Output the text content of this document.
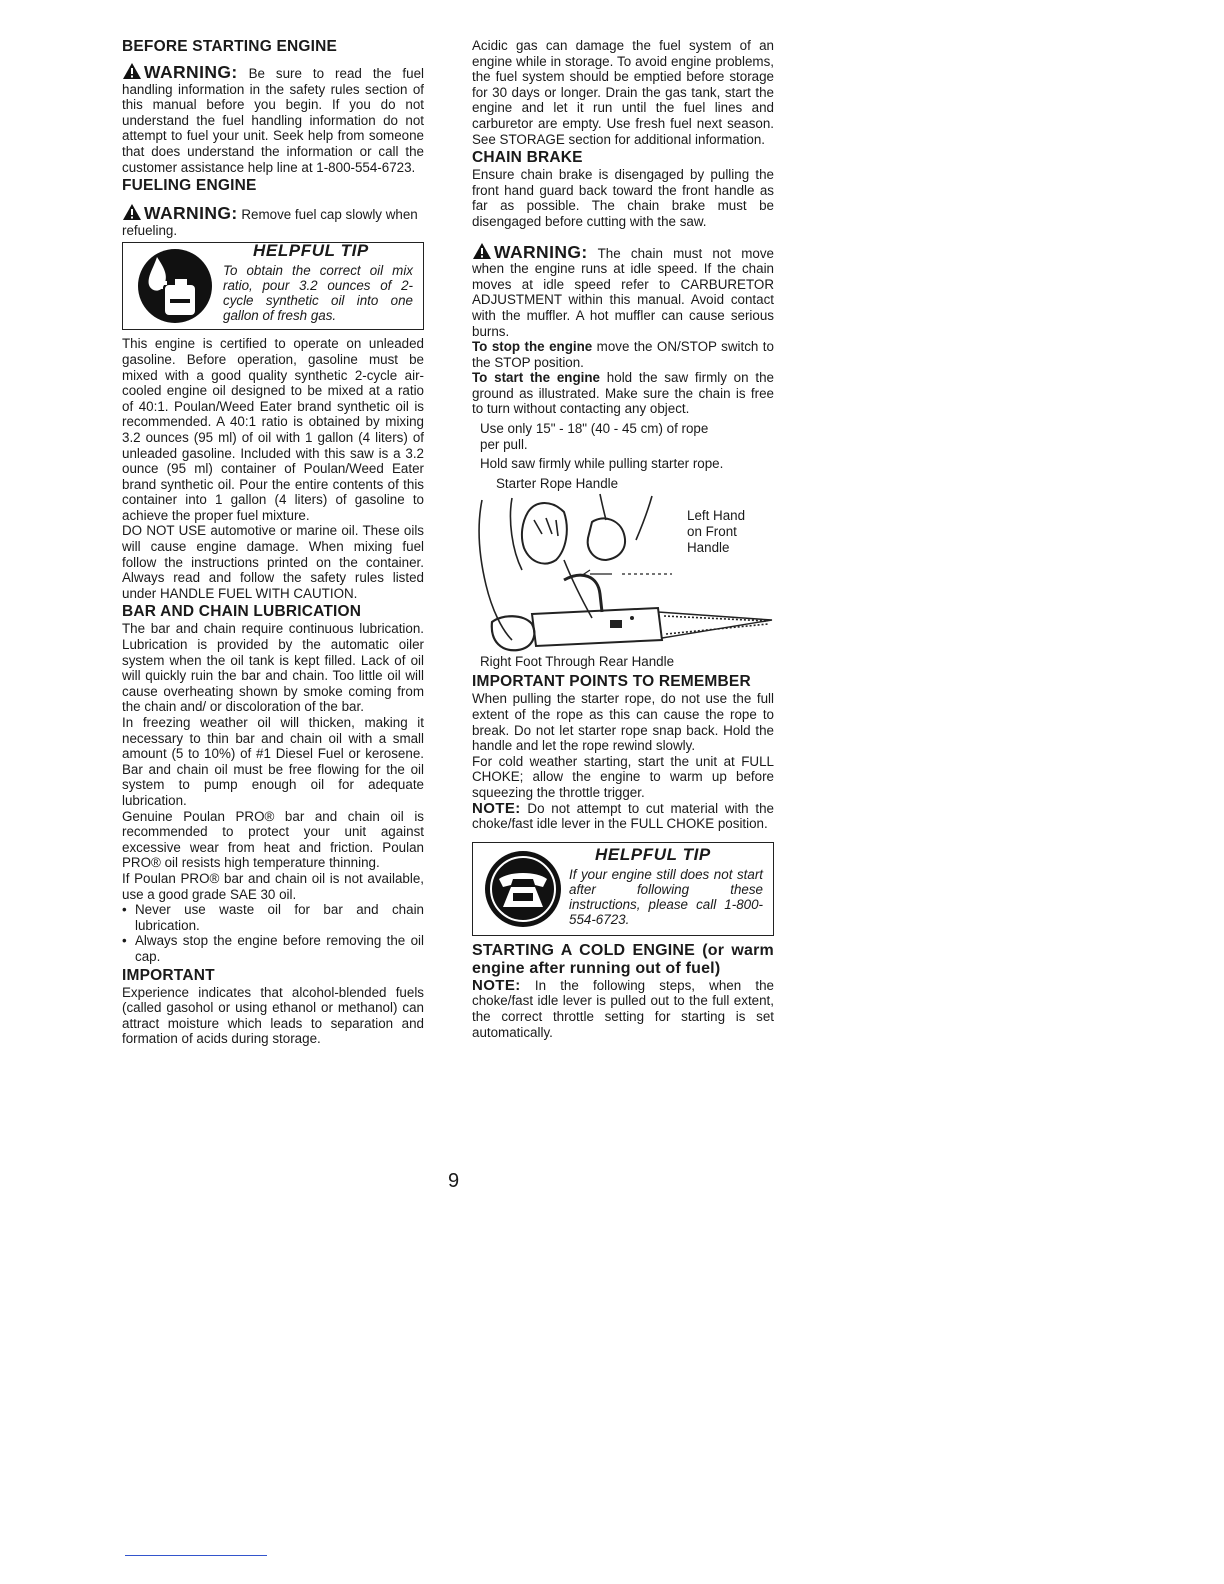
BEFORE STARTING ENGINE

WARNING: Be sure to read the fuel handling information in the safety rules section of this manual before you begin. If you do not understand the fuel handling information do not attempt to fuel your unit. Seek help from someone that does understand the information or call the customer assistance help line at 1-800-554-6723.

FUELING ENGINE

WARNING: Remove fuel cap slowly when refueling.

HELPFUL TIP
To obtain the correct oil mix ratio, pour 3.2 ounces of 2-cycle synthetic oil into one gallon of fresh gas.

This engine is certified to operate on unleaded gasoline. Before operation, gasoline must be mixed with a good quality synthetic 2-cycle air-cooled engine oil designed to be mixed at a ratio of 40:1. Poulan/Weed Eater brand synthetic oil is recommended. A 40:1 ratio is obtained by mixing 3.2 ounces (95 ml) of oil with 1 gallon (4 liters) of unleaded gasoline. Included with this saw is a 3.2 ounce (95 ml) container of Poulan/Weed Eater brand synthetic oil. Pour the entire contents of this container into 1 gallon (4 liters) of gasoline to achieve the proper fuel mixture.

DO NOT USE automotive or marine oil. These oils will cause engine damage. When mixing fuel follow the instructions printed on the container. Always read and follow the safety rules listed under HANDLE FUEL WITH CAUTION.

BAR AND CHAIN LUBRICATION

The bar and chain require continuous lubrication. Lubrication is provided by the automatic oiler system when the oil tank is kept filled. Lack of oil will quickly ruin the bar and chain. Too little oil will cause overheating shown by smoke coming from the chain and/ or discoloration of the bar.

In freezing weather oil will thicken, making it necessary to thin bar and chain oil with a small amount (5 to 10%) of #1 Diesel Fuel or kerosene. Bar and chain oil must be free flowing for the oil system to pump enough oil for adequate lubrication.

Genuine Poulan PRO® bar and chain oil is recommended to protect your unit against excessive wear from heat and friction. Poulan PRO® oil resists high temperature thinning.

If Poulan PRO® bar and chain oil is not available, use a good grade SAE 30 oil.

• Never use waste oil for bar and chain lubrication.
• Always stop the engine before removing the oil cap.
IMPORTANT

Experience indicates that alcohol-blended fuels (called gasohol or using ethanol or methanol) can attract moisture which leads to separation and formation of acids during storage.

Acidic gas can damage the fuel system of an engine while in storage. To avoid engine problems, the fuel system should be emptied before storage for 30 days or longer. Drain the gas tank, start the engine and let it run until the fuel lines and carburetor are empty. Use fresh fuel next season. See STORAGE section for additional information.

CHAIN BRAKE

Ensure chain brake is disengaged by pulling the front hand guard back toward the front handle as far as possible. The chain brake must be disengaged before cutting with the saw.

WARNING: The chain must not move when the engine runs at idle speed. If the chain moves at idle speed refer to CARBURETOR ADJUSTMENT within this manual. Avoid contact with the muffler. A hot muffler can cause serious burns.

To stop the engine move the ON/STOP switch to the STOP position.

To start the engine hold the saw firmly on the ground as illustrated. Make sure the chain is free to turn without contacting any object.

Use only 15" - 18" (40 - 45 cm) of rope per pull.

Hold saw firmly while pulling starter rope.

Starter Rope Handle
Left Hand
on Front
Handle
Right Foot Through Rear Handle
IMPORTANT POINTS TO REMEMBER

When pulling the starter rope, do not use the full extent of the rope as this can cause the rope to break. Do not let starter rope snap back. Hold the handle and let the rope rewind slowly.

For cold weather starting, start the unit at FULL CHOKE; allow the engine to warm up before squeezing the throttle trigger.

NOTE: Do not attempt to cut material with the choke/fast idle lever in the FULL CHOKE position.

HELPFUL TIP
If your engine still does not start after following these instructions, please call 1-800-554-6723.
STARTING A COLD ENGINE (or warm engine after running out of fuel)

NOTE: In the following steps, when the choke/fast idle lever is pulled out to the full extent, the correct throttle setting for starting is set automatically.

9
